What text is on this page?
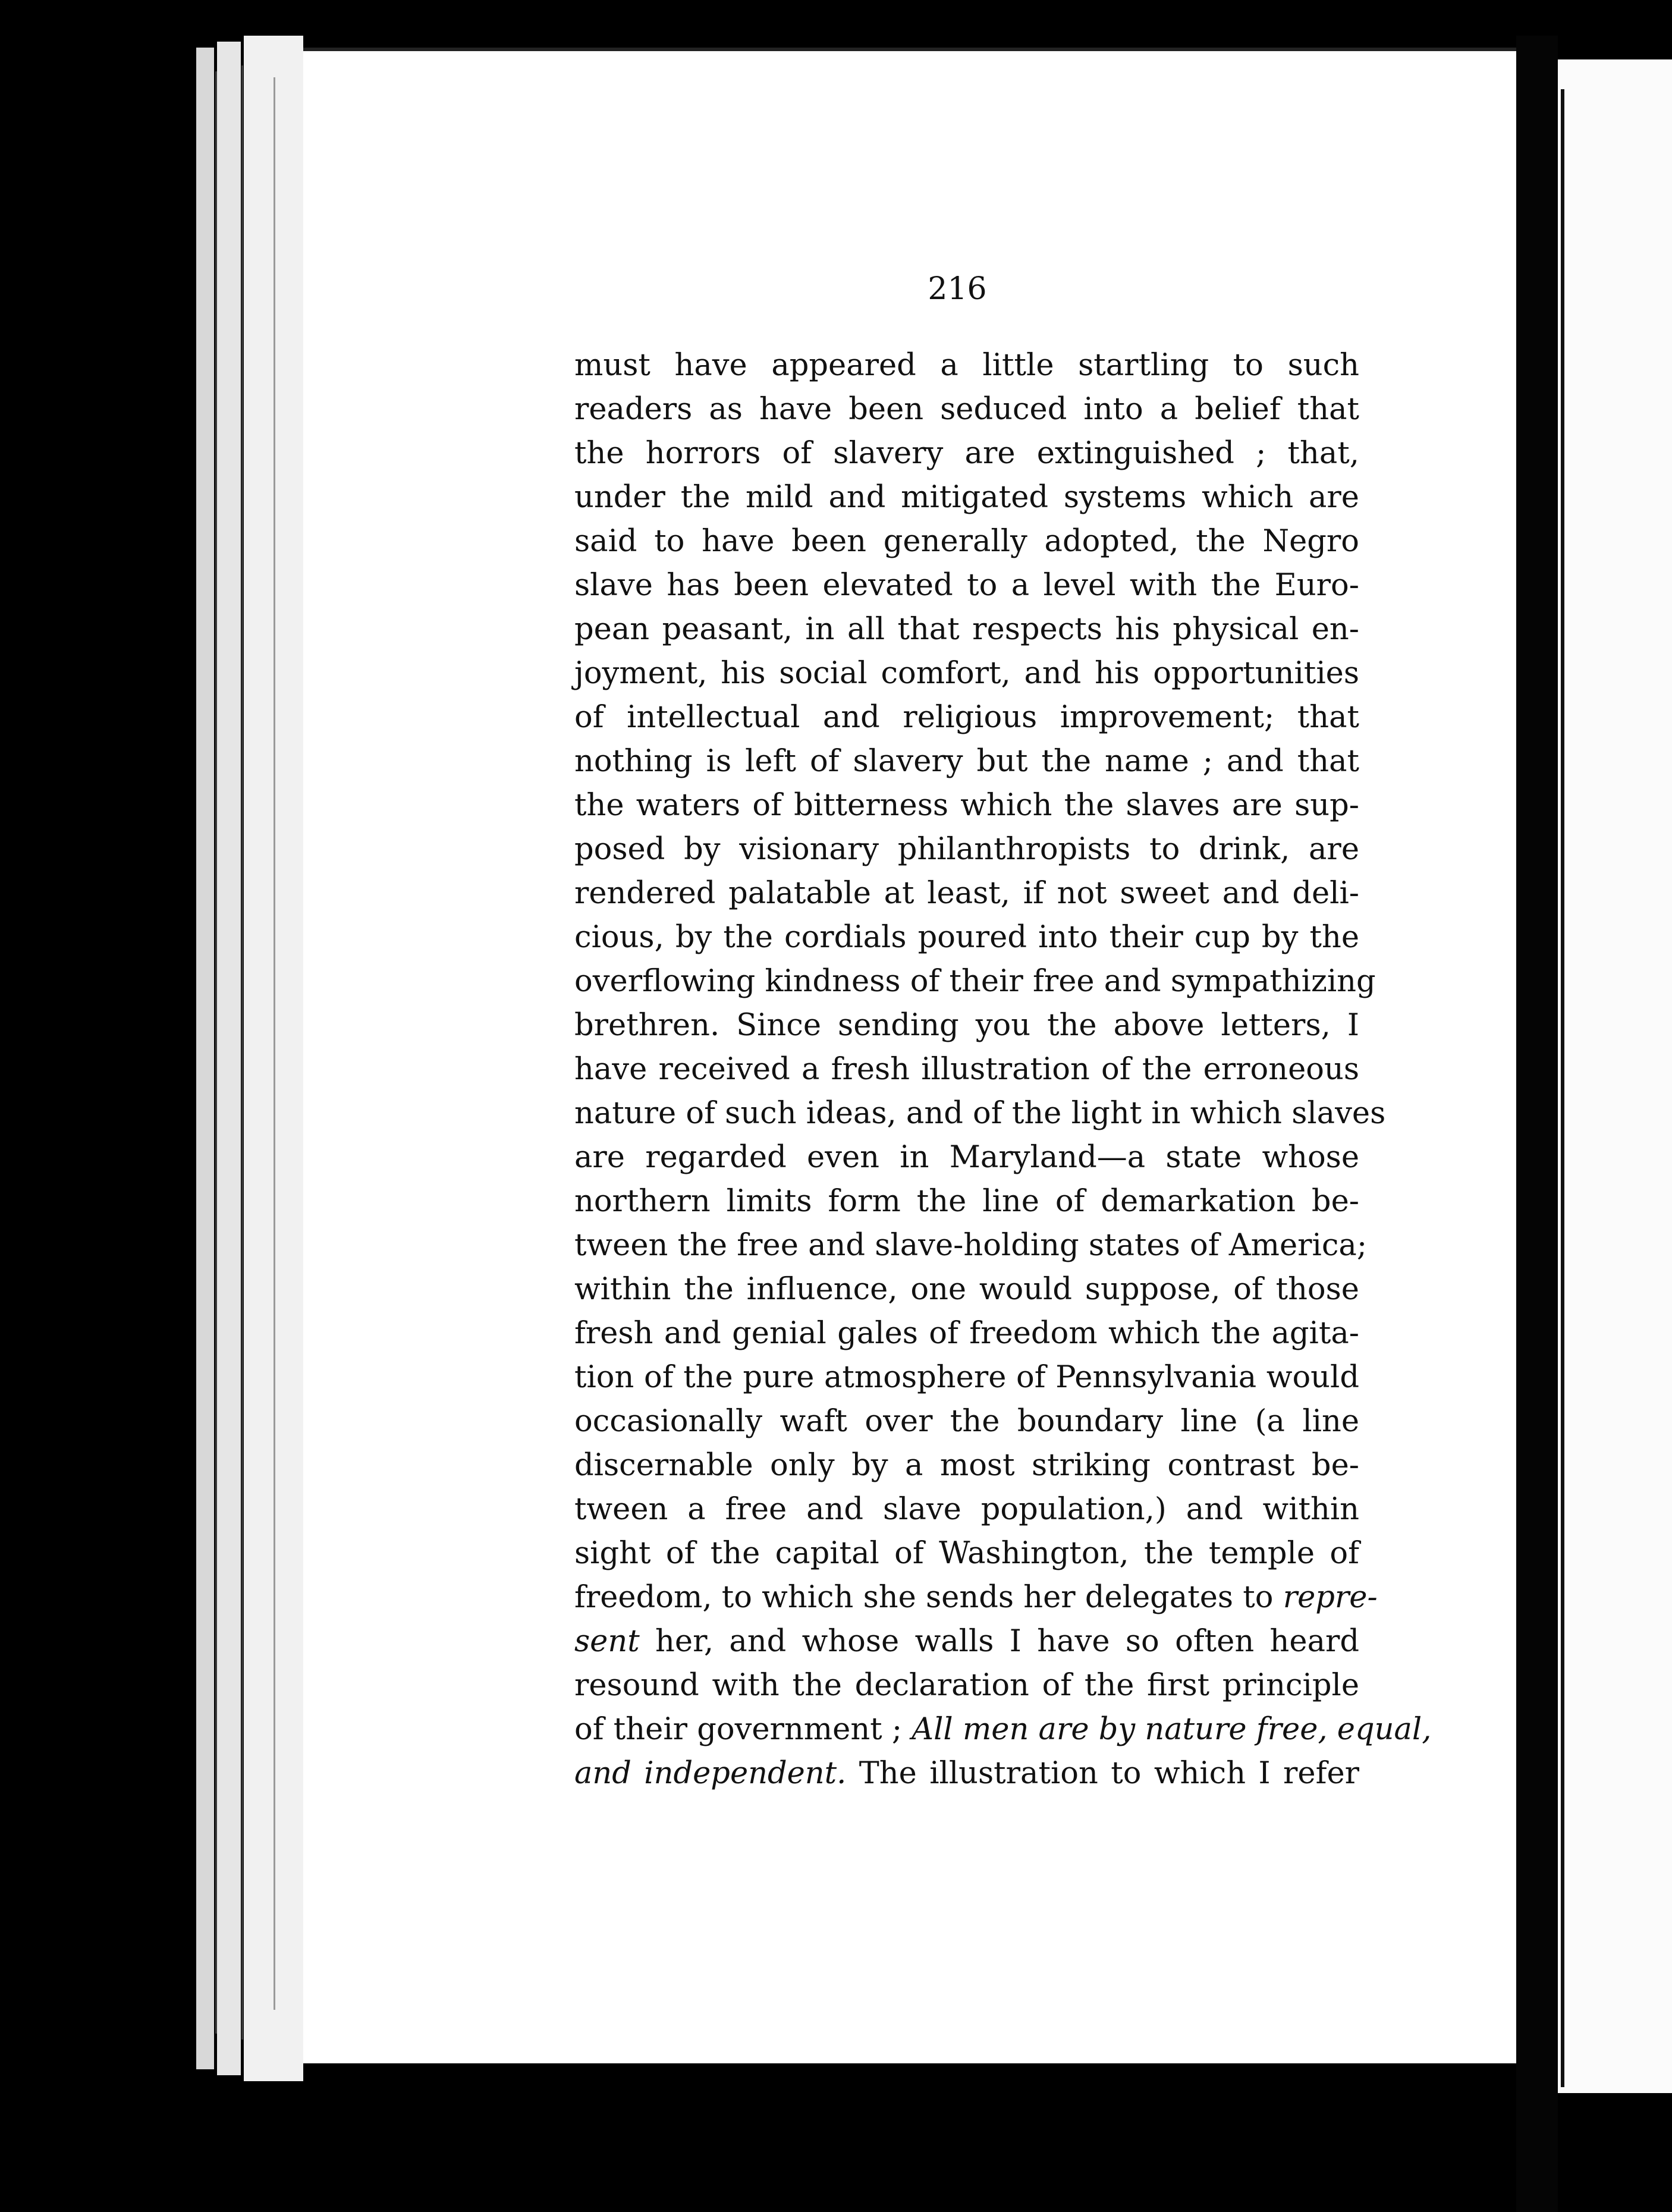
216
must have appeared a little startling to such
readers as have been seduced into a belief that
the horrors of slavery are extinguished ; that,
under the mild and mitigated systems which are
said to have been generally adopted, the Negro
slave has been elevated to a level with the Euro-
pean peasant, in all that respects his physical en-
joyment, his social comfort, and his opportunities
of intellectual and religious improvement; that
nothing is left of slavery but the name ; and that
the waters of bitterness which the slaves are sup-
posed by visionary philanthropists to drink, are
rendered palatable at least, if not sweet and deli-
cious, by the cordials poured into their cup by the
overflowing kindness of their free and sympathizing
brethren. Since sending you the above letters, I
have received a fresh illustration of the erroneous
nature of such ideas, and of the light in which slaves
are regarded even in Maryland—a state whose
northern limits form the line of demarkation be-
tween the free and slave-holding states of America;
within the influence, one would suppose, of those
fresh and genial gales of freedom which the agita-
tion of the pure atmosphere of Pennsylvania would
occasionally waft over the boundary line (a line
discernable only by a most striking contrast be-
tween a free and slave population,) and within
sight of the capital of Washington, the temple of
freedom, to which she sends her delegates to repre-
sent her, and whose walls I have so often heard
resound with the declaration of the first principle
of their government ; All men are by nature free, equal,
and independent. The illustration to which I refer
